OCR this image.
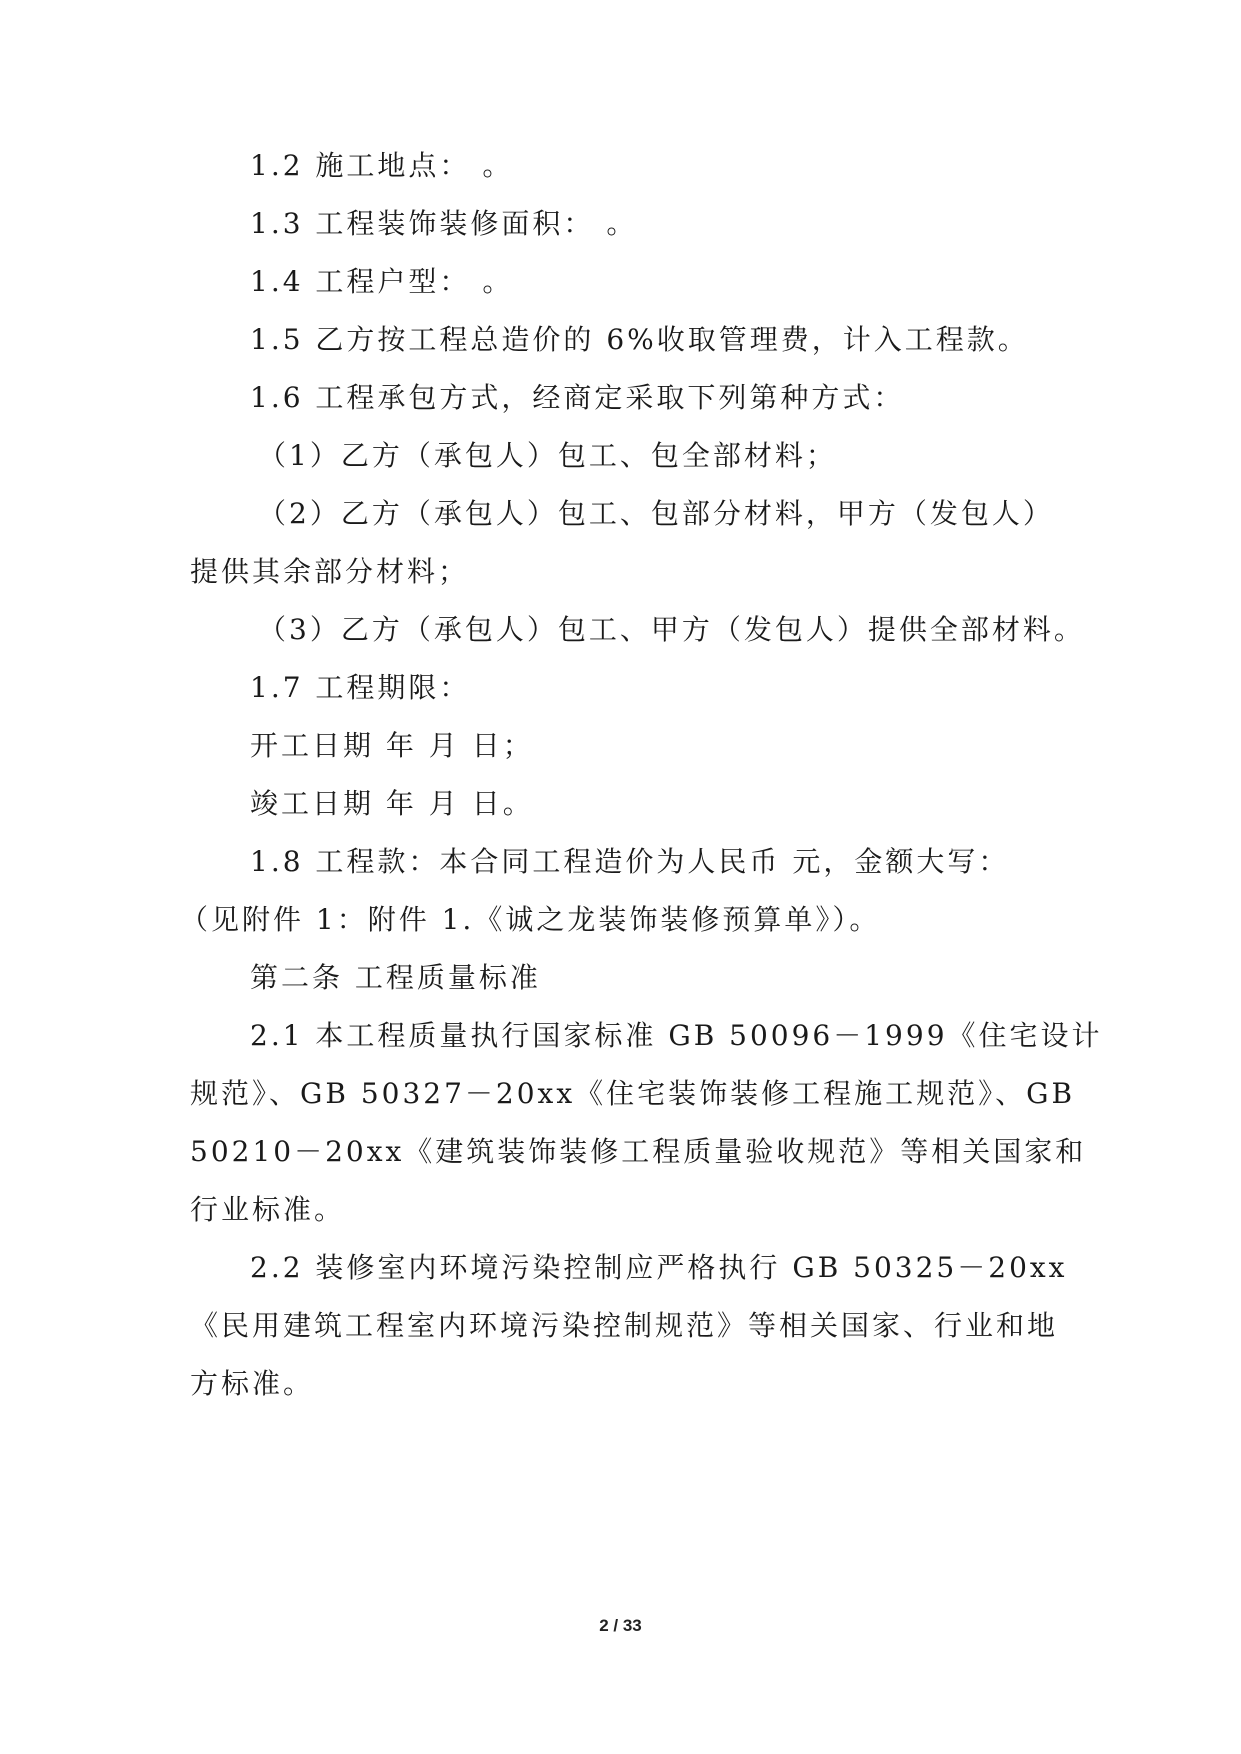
1.2 施工地点： 。
1.3 工程装饰装修面积： 。
1.4 工程户型： 。
1.5 乙方按工程总造价的 6%收取管理费，计入工程款。
1.6 工程承包方式，经商定采取下列第种方式：
（1）乙方（承包人）包工、包全部材料；
（2）乙方（承包人）包工、包部分材料，甲方（发包人）
提供其余部分材料；
（3）乙方（承包人）包工、甲方（发包人）提供全部材料。
1.7 工程期限：
开工日期 年 月 日；
竣工日期 年 月 日。
1.8 工程款：本合同工程造价为人民币 元，金额大写：
（见附件 1：附件 1.《诚之龙装饰装修预算单》）。
第二条 工程质量标准
2.1 本工程质量执行国家标准 GB 50096－1999《住宅设计
规范》、GB 50327－20xx《住宅装饰装修工程施工规范》、GB
50210－20xx《建筑装饰装修工程质量验收规范》等相关国家和
行业标准。
2.2 装修室内环境污染控制应严格执行 GB 50325－20xx
《民用建筑工程室内环境污染控制规范》等相关国家、行业和地
方标准。
2 / 33
